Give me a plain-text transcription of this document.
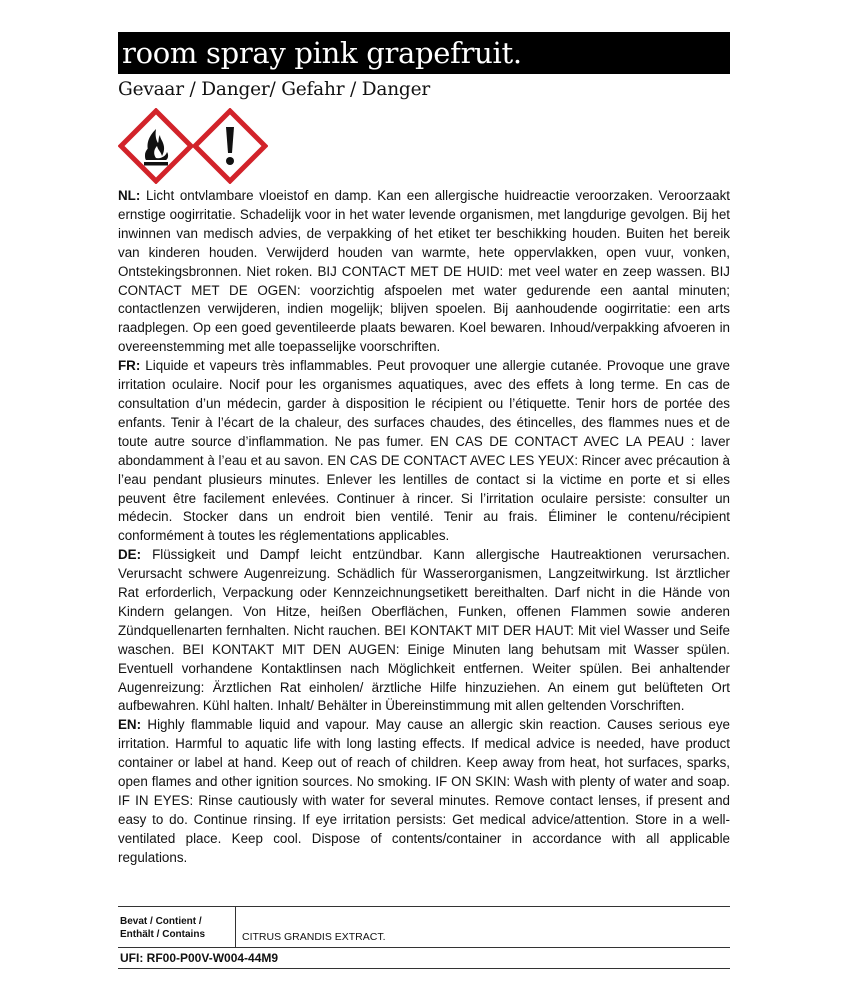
room spray pink grapefruit.
Gevaar / Danger/ Gefahr / Danger

NL: Licht ontvlambare vloeistof en damp. Kan een allergische huidreactie veroorzaken. Veroorzaakt ernstige oogirritatie. Schadelijk voor in het water levende organismen, met langdurige gevolgen. Bij het inwinnen van medisch advies, de verpakking of het etiket ter beschikking houden. Buiten het bereik van kinderen houden. Verwijderd houden van warmte, hete oppervlakken, open vuur, vonken, Ontstekingsbronnen. Niet roken. BIJ CONTACT MET DE HUID: met veel water en zeep wassen. BIJ CONTACT MET DE OGEN: voorzichtig afspoelen met water gedurende een aantal minuten; contactlenzen verwijderen, indien mogelijk; blijven spoelen. Bij aanhoudende oogirritatie: een arts raadplegen. Op een goed geventileerde plaats bewaren. Koel bewaren. Inhoud/verpakking afvoeren in overeenstemming met alle toepasselijke voorschriften.

FR: Liquide et vapeurs très inflammables. Peut provoquer une allergie cutanée. Provoque une grave irritation oculaire. Nocif pour les organismes aquatiques, avec des effets à long terme. En cas de consultation d’un médecin, garder à disposition le récipient ou l’étiquette. Tenir hors de portée des enfants. Tenir à l’écart de la chaleur, des surfaces chaudes, des étincelles, des flammes nues et de toute autre source d’inflammation. Ne pas fumer. EN CAS DE CONTACT AVEC LA PEAU : laver abondamment à l’eau et au savon. EN CAS DE CONTACT AVEC LES YEUX: Rincer avec précaution à l’eau pendant plusieurs minutes. Enlever les lentilles de contact si la victime en porte et si elles peuvent être facilement enlevées. Continuer à rincer. Si l’irritation oculaire persiste: consulter un médecin. Stocker dans un endroit bien ventilé. Tenir au frais. Éliminer le contenu/récipient conformément à toutes les réglementations applicables.

DE: Flüssigkeit und Dampf leicht entzündbar. Kann allergische Hautreaktionen verursachen. Verursacht schwere Augenreizung. Schädlich für Wasserorganismen, Langzeitwirkung. Ist ärztlicher Rat erforderlich, Verpackung oder Kennzeichnungsetikett bereithalten. Darf nicht in die Hände von Kindern gelangen. Von Hitze, heißen Oberflächen, Funken, offenen Flammen sowie anderen Zündquellenarten fernhalten. Nicht rauchen. BEI KONTAKT MIT DER HAUT: Mit viel Wasser und Seife waschen. BEI KONTAKT MIT DEN AUGEN: Einige Minuten lang behutsam mit Wasser spülen. Eventuell vorhandene Kontaktlinsen nach Möglichkeit entfernen. Weiter spülen. Bei anhaltender Augenreizung: Ärztlichen Rat einholen/ ärztliche Hilfe hinzuziehen. An einem gut belüfteten Ort aufbewahren. Kühl halten. Inhalt/ Behälter in Übereinstimmung mit allen geltenden Vorschriften.

EN: Highly flammable liquid and vapour. May cause an allergic skin reaction. Causes serious eye irritation. Harmful to aquatic life with long lasting effects. If medical advice is needed, have product container or label at hand. Keep out of reach of children. Keep away from heat, hot surfaces, sparks, open flames and other ignition sources. No smoking. IF ON SKIN: Wash with plenty of water and soap. IF IN EYES: Rinse cautiously with water for several minutes. Remove contact lenses, if present and easy to do. Continue rinsing. If eye irritation persists: Get medical advice/attention. Store in a well-ventilated place. Keep cool. Dispose of contents/container in accordance with all applicable regulations.

Bevat / Contient /
Enthält / Contains	CITRUS GRANDIS EXTRACT.
UFI: RF00-P00V-W004-44M9
